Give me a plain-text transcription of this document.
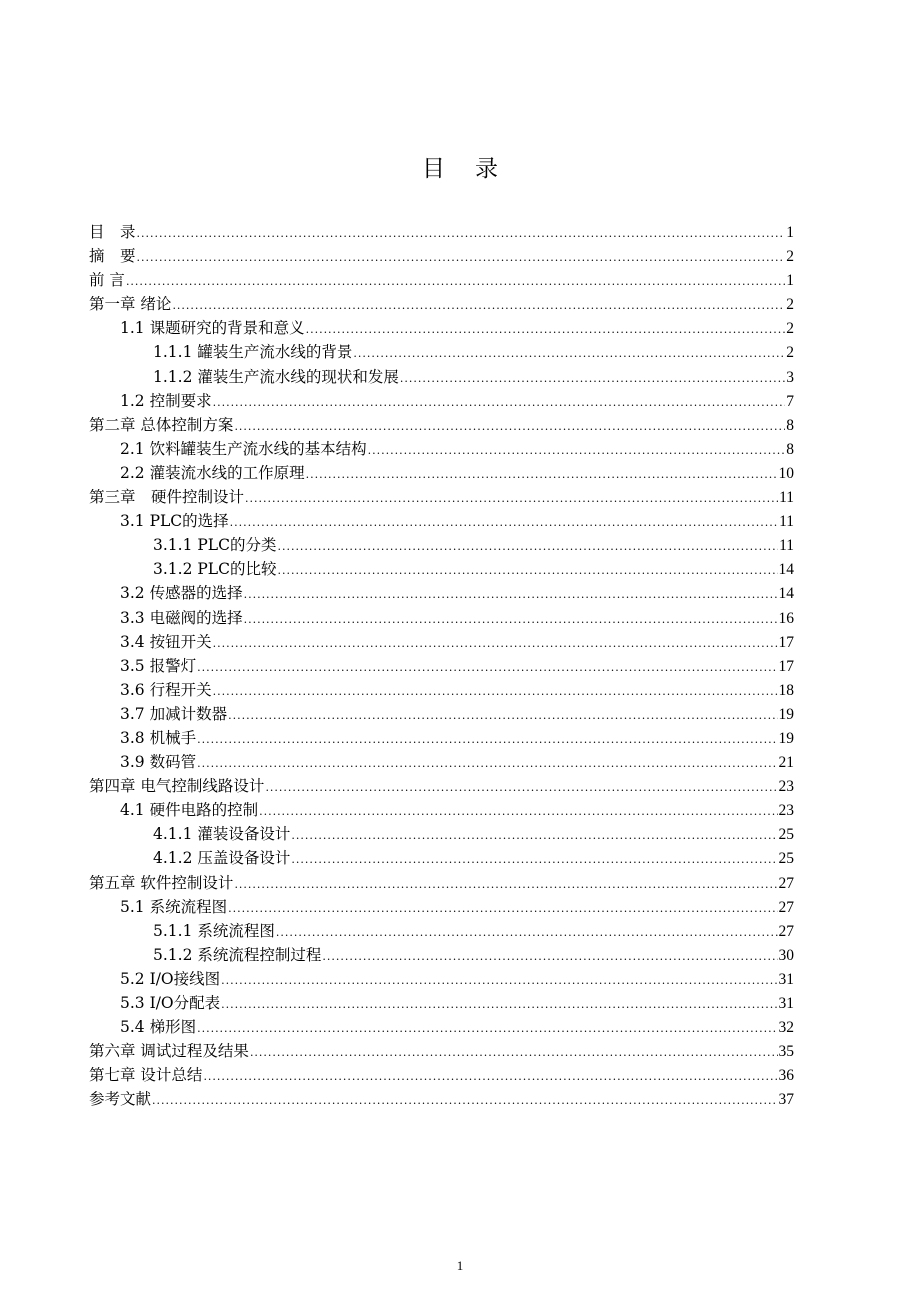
目 录
目　录 .....	1
摘　要 .....	2
前 言 .....	1
第一章 绪论 .....	2
1.1 课题研究的背景和意义 .....	2
1.1.1 罐装生产流水线的背景 .....	2
1.1.2 灌装生产流水线的现状和发展 .....	3
1.2 控制要求 .....	7
第二章 总体控制方案 .....	8
2.1 饮料罐装生产流水线的基本结构 .....	8
2.2 灌装流水线的工作原理 .....	10
第三章　硬件控制设计 .....	11
3.1 PLC的选择 .....	11
3.1.1 PLC的分类 .....	11
3.1.2 PLC的比较 .....	14
3.2 传感器的选择 .....	14
3.3 电磁阀的选择 .....	16
3.4 按钮开关 .....	17
3.5 报警灯 .....	17
3.6 行程开关 .....	18
3.7 加减计数器 .....	19
3.8 机械手 .....	19
3.9 数码管 .....	21
第四章 电气控制线路设计 .....	23
4.1 硬件电路的控制 .....	23
4.1.1 灌装设备设计 .....	25
4.1.2 压盖设备设计 .....	25
第五章 软件控制设计 .....	27
5.1 系统流程图 .....	27
5.1.1 系统流程图 .....	27
5.1.2 系统流程控制过程 .....	30
5.2 I/O接线图 .....	31
5.3 I/O分配表 .....	31
5.4 梯形图 .....	32
第六章 调试过程及结果 .....	35
第七章 设计总结 .....	36
参考文献 .....	37
1
